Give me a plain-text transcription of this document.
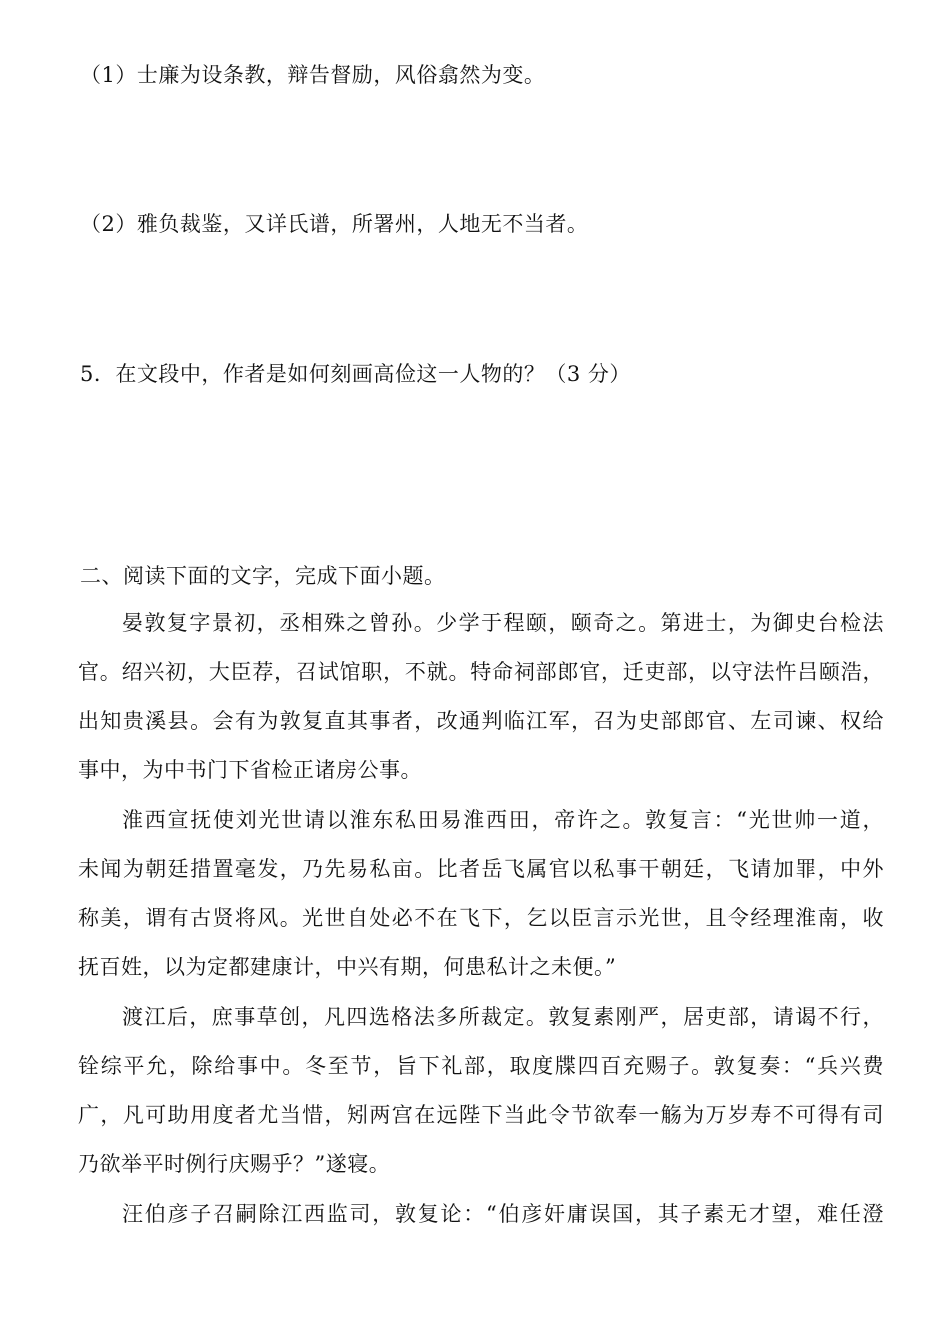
（1）士廉为设条教，辩告督励，风俗翕然为变。
（2）雅负裁鉴，又详氏谱，所署州，人地无不当者。
5．在文段中，作者是如何刻画高俭这一人物的？（3 分）
二、阅读下面的文字，完成下面小题。
晏敦复字景初，丞相殊之曾孙。少学于程颐，颐奇之。第进士，为御史台检法
官。绍兴初，大臣荐，召试馆职，不就。特命祠部郎官，迁吏部，以守法忤吕颐浩，
出知贵溪县。会有为敦复直其事者，改通判临江军，召为史部郎官、左司谏、权给
事中，为中书门下省检正诸房公事。
淮西宣抚使刘光世请以淮东私田易淮西田，帝许之。敦复言：“光世帅一道，
未闻为朝廷措置毫发，乃先易私亩。比者岳飞属官以私事干朝廷，飞请加罪，中外
称美，谓有古贤将风。光世自处必不在飞下，乞以臣言示光世，且令经理淮南，收
抚百姓，以为定都建康计，中兴有期，何患私计之未便。”
渡江后，庶事草创，凡四选格法多所裁定。敦复素刚严，居吏部，请谒不行，
铨综平允，除给事中。冬至节，旨下礼部，取度牒四百充赐子。敦复奏：“兵兴费
广，凡可助用度者尤当惜，矧两宫在远陛下当此令节欲奉一觞为万岁寿不可得有司
乃欲举平时例行庆赐乎？”遂寝。
汪伯彦子召嗣除江西监司，敦复论：“伯彦奸庸误国，其子素无才望，难任澄
